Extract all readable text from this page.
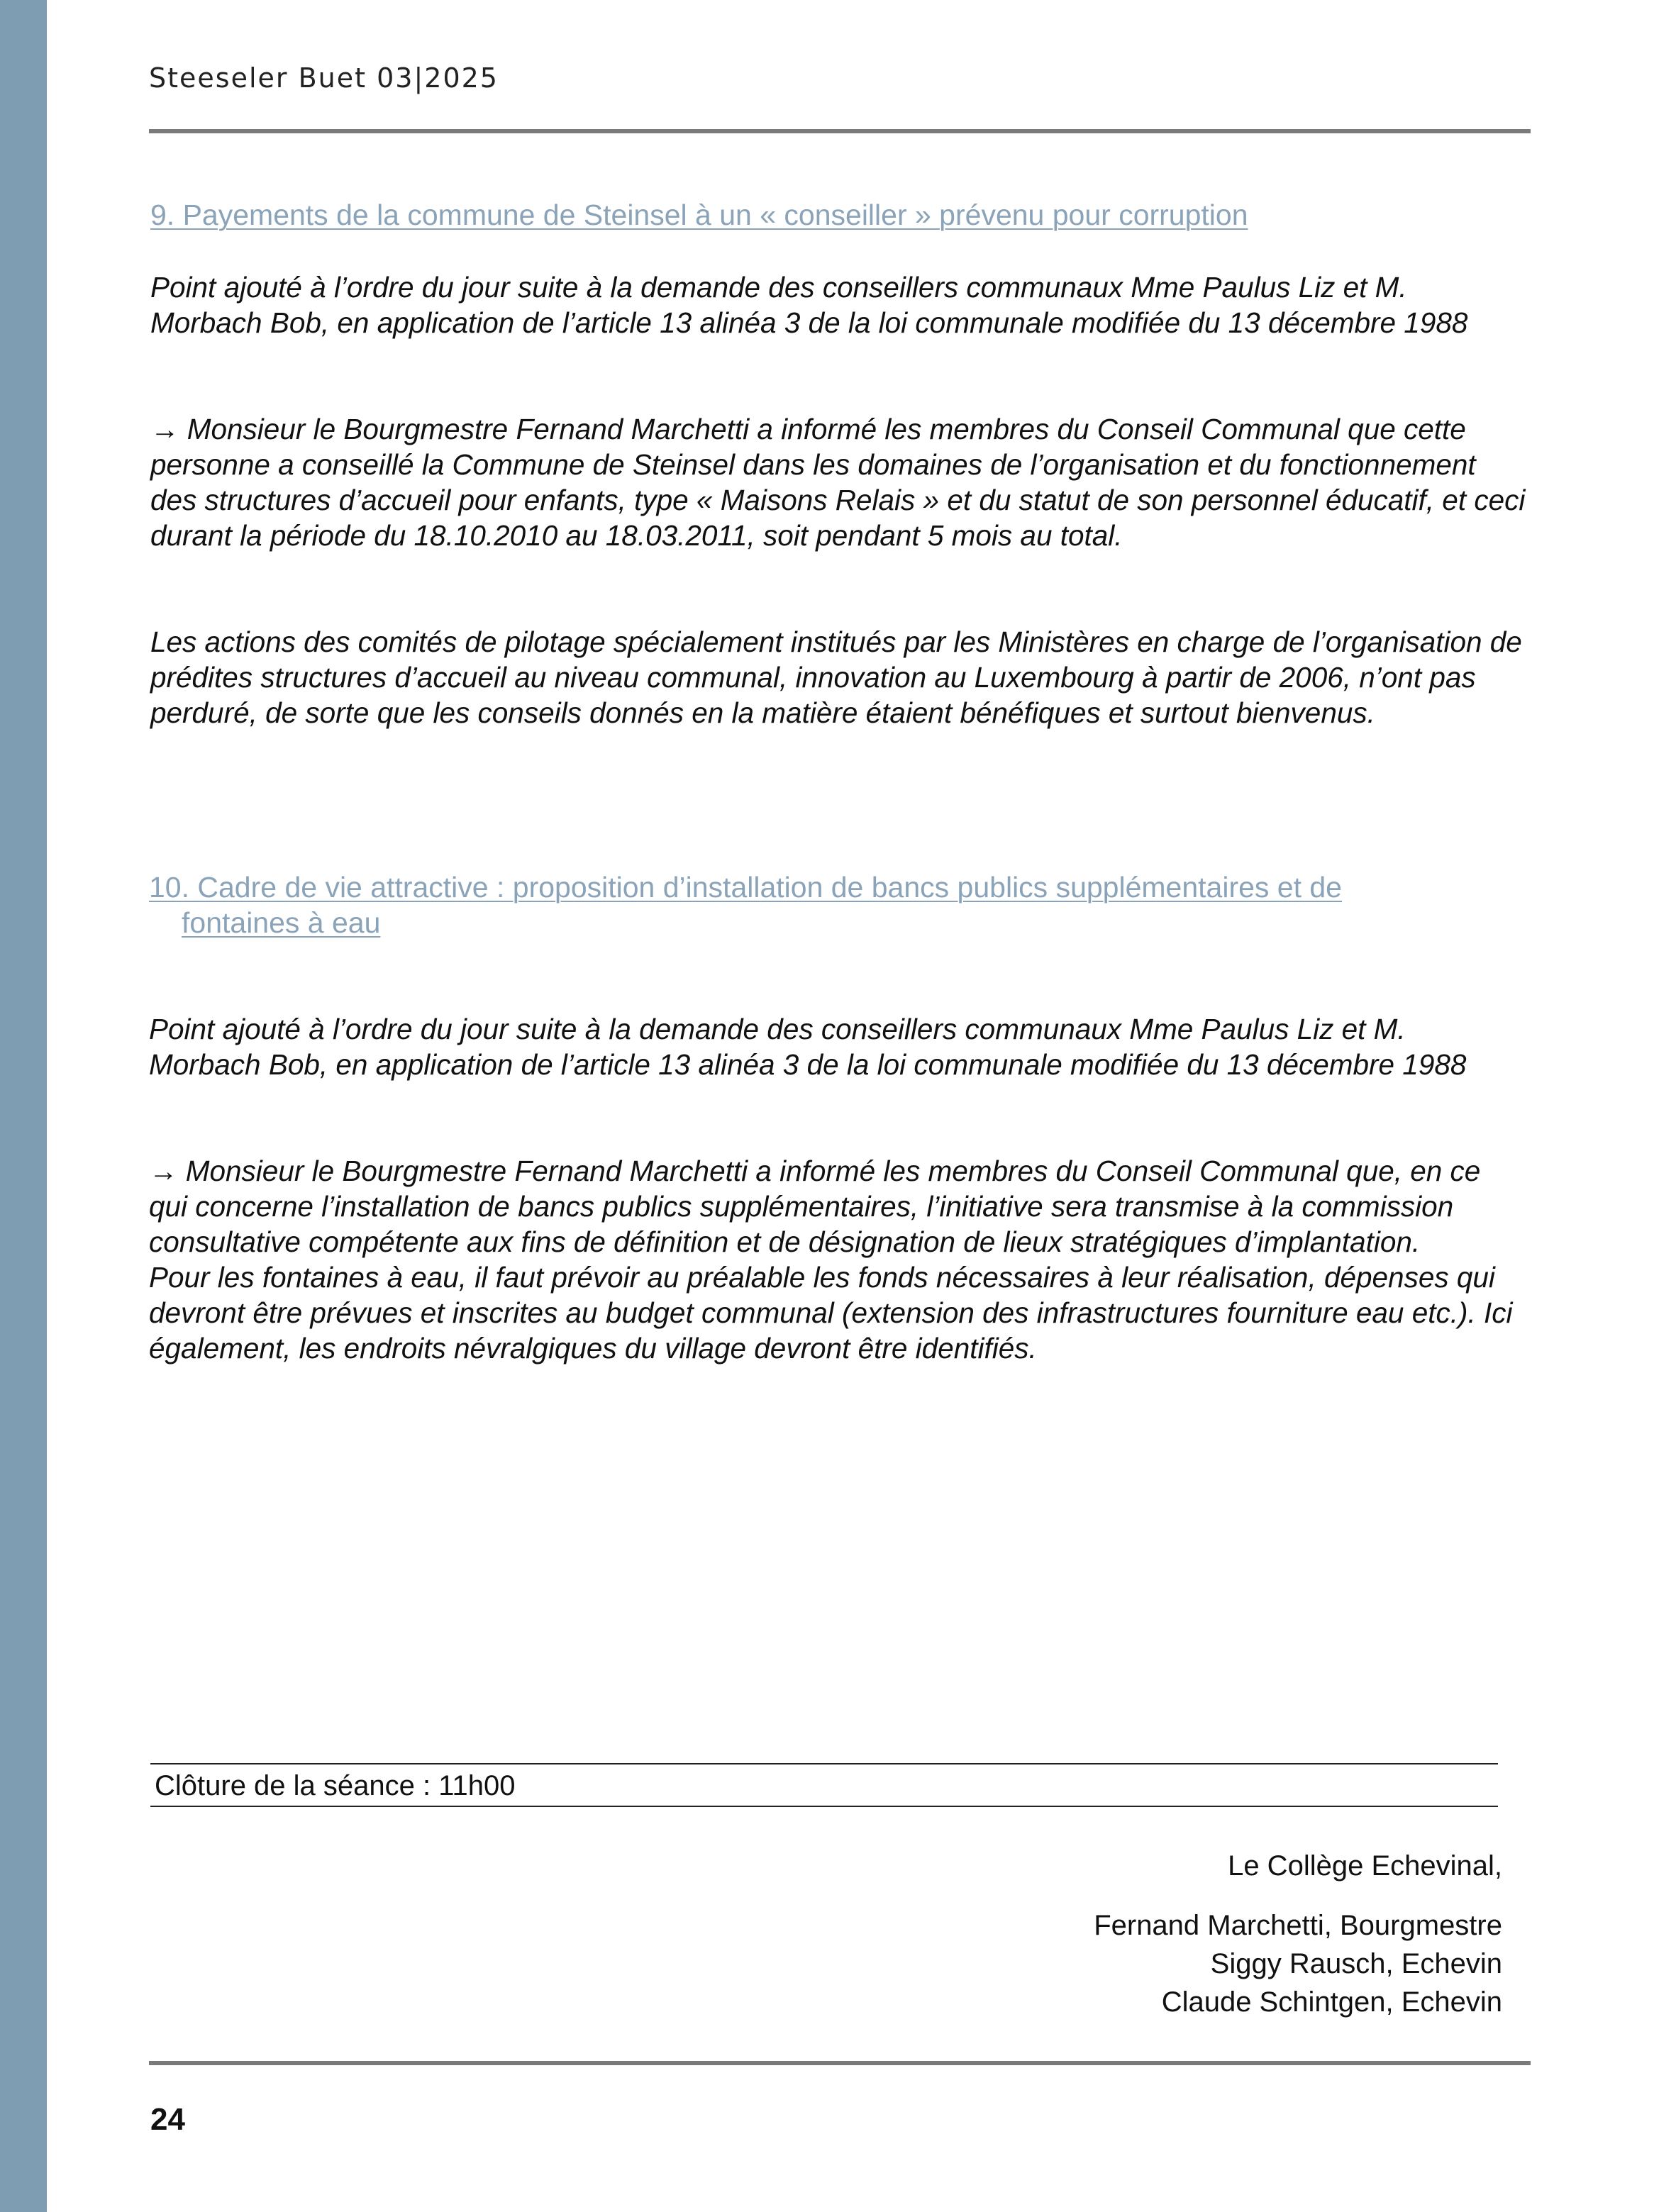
Steeseler Buet 03|2025

9. Payements de la commune de Steinsel à un « conseiller » prévenu pour corruption

Point ajouté à l’ordre du jour suite à la demande des conseillers communaux Mme Paulus Liz et M. Morbach Bob, en application de l’article 13 alinéa 3 de la loi communale modifiée du 13 décembre 1988

→ Monsieur le Bourgmestre Fernand Marchetti a informé les membres du Conseil Communal que cette personne a conseillé la Commune de Steinsel dans les domaines de l’organisation et du fonctionnement des structures d’accueil pour enfants, type « Maisons Relais » et du statut de son personnel éducatif, et ceci durant la période du 18.10.2010 au 18.03.2011, soit pendant 5 mois au total.

Les actions des comités de pilotage spécialement institués par les Ministères en charge de l’organisation de prédites structures d’accueil au niveau communal, innovation au Luxembourg à partir de 2006, n’ont pas perduré, de sorte que les conseils donnés en la matière étaient bénéfiques et surtout bienvenus.

10. Cadre de vie attractive : proposition d’installation de bancs publics supplémentaires et de
fontaines à eau

Point ajouté à l’ordre du jour suite à la demande des conseillers communaux Mme Paulus Liz et M. Morbach Bob, en application de l’article 13 alinéa 3 de la loi communale modifiée du 13 décembre 1988

→ Monsieur le Bourgmestre Fernand Marchetti a informé les membres du Conseil Communal que, en ce qui concerne l’installation de bancs publics supplémentaires, l’initiative sera transmise à la commission consultative compétente aux fins de définition et de désignation de lieux stratégiques d’implantation.

Pour les fontaines à eau, il faut prévoir au préalable les fonds nécessaires à leur réalisation, dépenses qui devront être prévues et inscrites au budget communal (extension des infrastructures fourniture eau etc.). Ici également, les endroits névralgiques du village devront être identifiés.

Clôture de la séance : 11h00
Le Collège Echevinal,
Fernand Marchetti, Bourgmestre
Siggy Rausch, Echevin
Claude Schintgen, Echevin
24
